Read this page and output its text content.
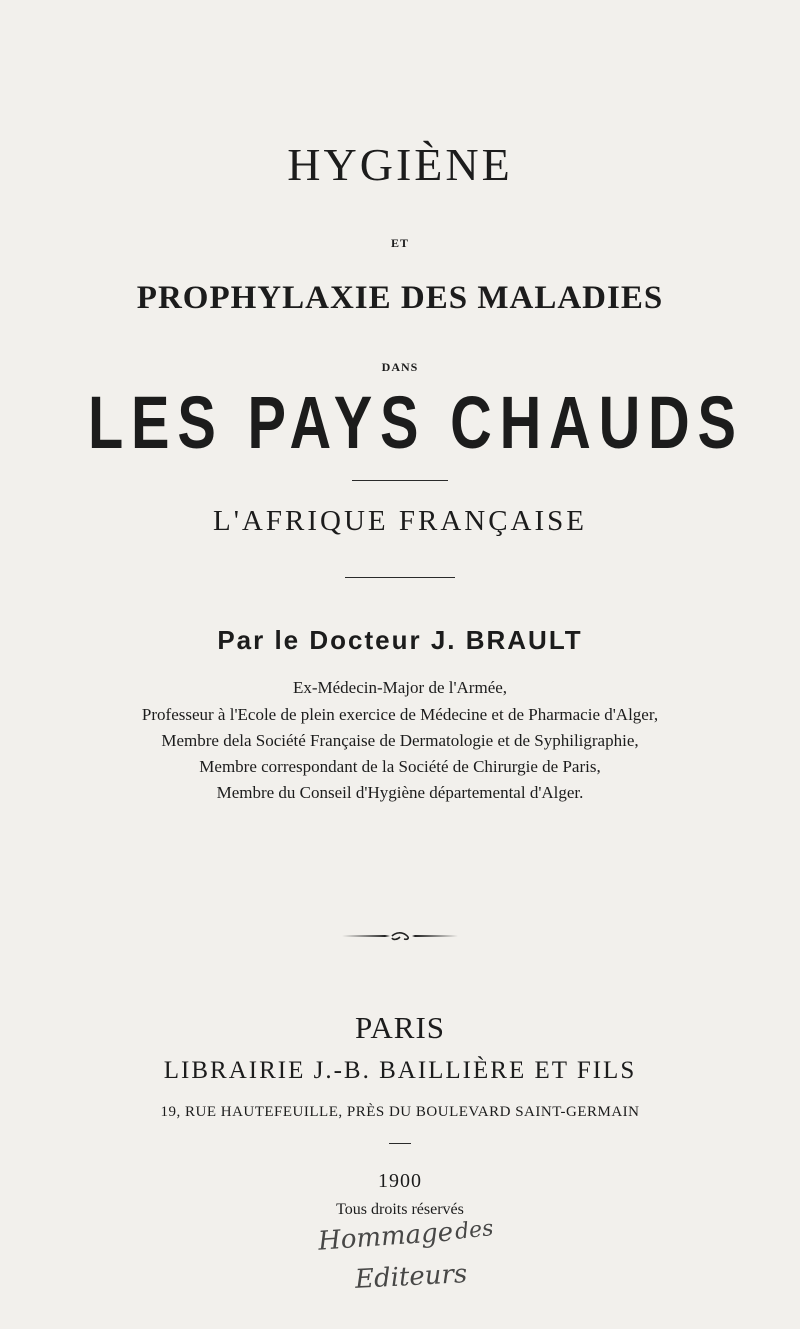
HYGIÈNE
ET
PROPHYLAXIE DES MALADIES
DANS
LES PAYS CHAUDS
L'AFRIQUE FRANÇAISE
Par le Docteur J. BRAULT
Ex-Médecin-Major de l'Armée,
Professeur à l'Ecole de plein exercice de Médecine et de Pharmacie d'Alger,
Membre dela Société Française de Dermatologie et de Syphiligraphie,
Membre correspondant de la Société de Chirurgie de Paris,
Membre du Conseil d'Hygiène départemental d'Alger.
PARIS
LIBRAIRIE J.-B. BAILLIÈRE ET FILS
19, RUE HAUTEFEUILLE, PRÈS DU BOULEVARD SAINT-GERMAIN
1900
Tous droits réservés
Hommage des
Editeurs
